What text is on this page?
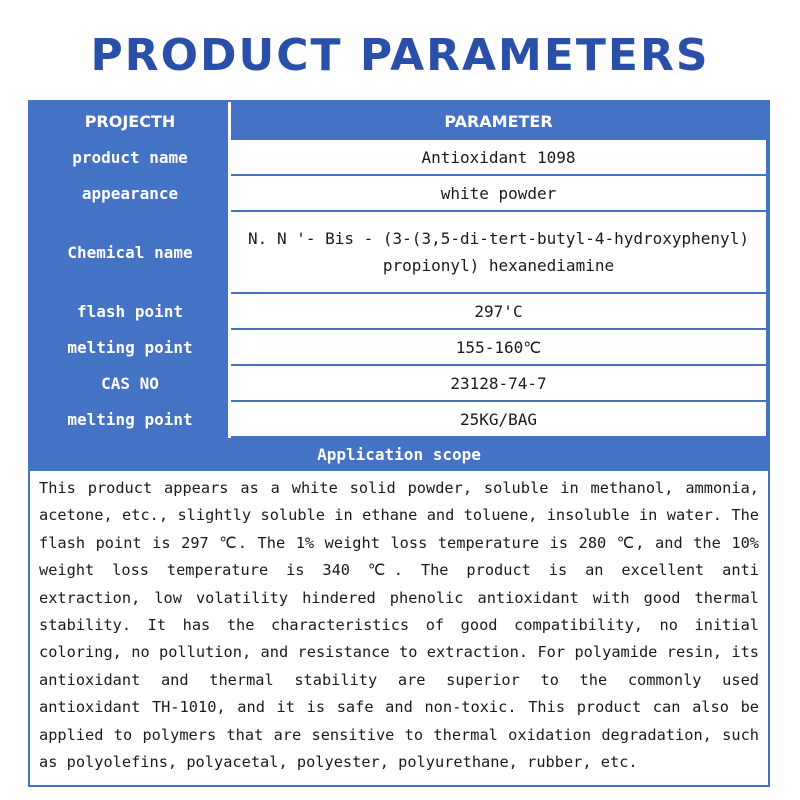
PRODUCT PARAMETERS
PROJECTH	PARAMETER
product name	Antioxidant 1098
appearance	white powder
Chemical name	N. N '- Bis - (3-(3,5-di-tert-butyl-4-hydroxyphenyl) propionyl) hexanediamine
flash point	297'C
melting point	155-160℃
CAS NO	23128-74-7
melting point	25KG/BAG
Application scope
This product appears as a white solid powder, soluble in methanol, ammonia, acetone, etc., slightly soluble in ethane and toluene, insoluble in water. The flash point is 297 ℃. The 1% weight loss temperature is 280 ℃, and the 10% weight loss temperature is 340 ℃. The product is an excellent anti extraction, low volatility hindered phenolic antioxidant with good thermal stability. It has the characteristics of good compatibility, no initial coloring, no pollution, and resistance to extraction. For polyamide resin, its antioxidant and thermal stability are superior to the commonly used antioxidant TH-1010, and it is safe and non-toxic. This product can also be applied to polymers that are sensitive to thermal oxidation degradation, such as polyolefins, polyacetal, polyester, polyurethane, rubber, etc.
